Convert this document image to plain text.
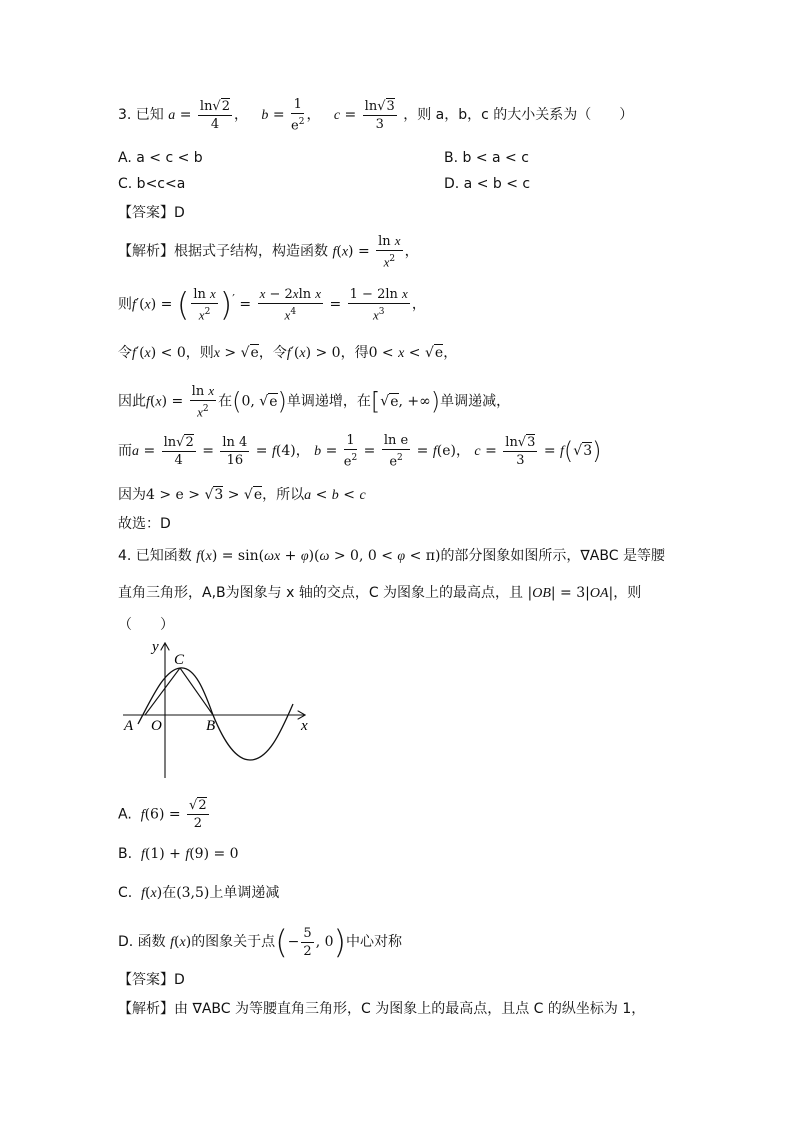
3. 已知 $a = \frac{\ln√2}{4}$ ，   $b = \frac{1}{e^2}$ ，   $c = \frac{\ln√3}{3}$ ，则 a，b，c 的大小关系为（　　）
A. a < c < b	B. b < a < c
C. b<c<a	D. a < b < c
【答案】D
【解析】根据式子结构，构造函数 $f(x) = \frac{\text{ln x}}{x^2}$ ，
则f′(x) = ( $\frac{\text{ln x}}{x^2} )' = \frac{\text{x − 2xln x}}{x^4} = \frac{\text{1 − 2ln x}}{x^3}$ ，
令f′(x) < 0，则x > √e，令f′(x) > 0，得0 < x < √e，
因此$f(x) = \frac{\text{ln x}}{x^2}$ 在(0, √e)单调递增，在[√e, +∞)单调递减，
而$a = \frac{\ln√2}{4} = \frac{\ln 4}{16} = f(4)$， $b = \frac{1}{e^2} = \frac{\text{ln e}}{e^2} = f(e)$， $c = \frac{\ln√3}{3} = f(√3)$
因为4 > e > √3 > √e，所以a < b < c
故选：D
4. 已知函数 f(x) = sin(ωx + φ)(ω > 0, 0 < φ < π)的部分图象如图所示，∇ABC 是等腰
直角三角形，A,B为图象与 x 轴的交点，C 为图象上的最高点，且 |OB| = 3|OA|，则
（　　）
y
C
A O	B	x
A. $f(6) = \frac{√2}{2}$
B. f(1) + f(9) = 0
C. f(x)在(3,5)上单调递减
D. 函数 f(x)的图象关于点(− $\frac{5}{2}$ , 0)中心对称
【答案】D
【解析】由 ∇ABC 为等腰直角三角形，C 为图象上的最高点，且点 C 的纵坐标为 1，
